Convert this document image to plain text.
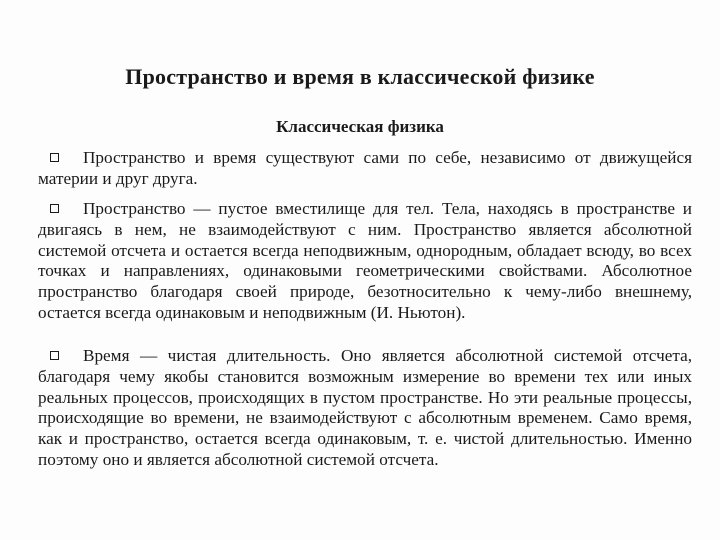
Пространство и время в классической физике
Классическая физика

Пространство и время существуют сами по себе, независимо от движущейся материи и друг друга.

Пространство — пустое вместилище для тел. Тела, находясь в пространстве и двигаясь в нем, не взаимодействуют с ним. Пространство является абсолютной системой отсчета и остается всегда неподвижным, однородным, обладает всюду, во всех точках и направлениях, одинаковыми геометрическими свойствами. Абсолютное пространство благодаря своей природе, безотносительно к чему-либо внешнему, остается всегда одинаковым и неподвижным (И. Ньютон).

Время — чистая длительность. Оно является абсолютной системой отсчета, благодаря чему якобы становится возможным измерение во времени тех или иных реальных процессов, происходящих в пустом пространстве. Но эти реальные процессы, происходящие во времени, не взаимодействуют с абсолютным временем. Само время, как и пространство, остается всегда одинаковым, т. е. чистой длительностью. Именно поэтому оно и является абсолютной системой отсчета.
